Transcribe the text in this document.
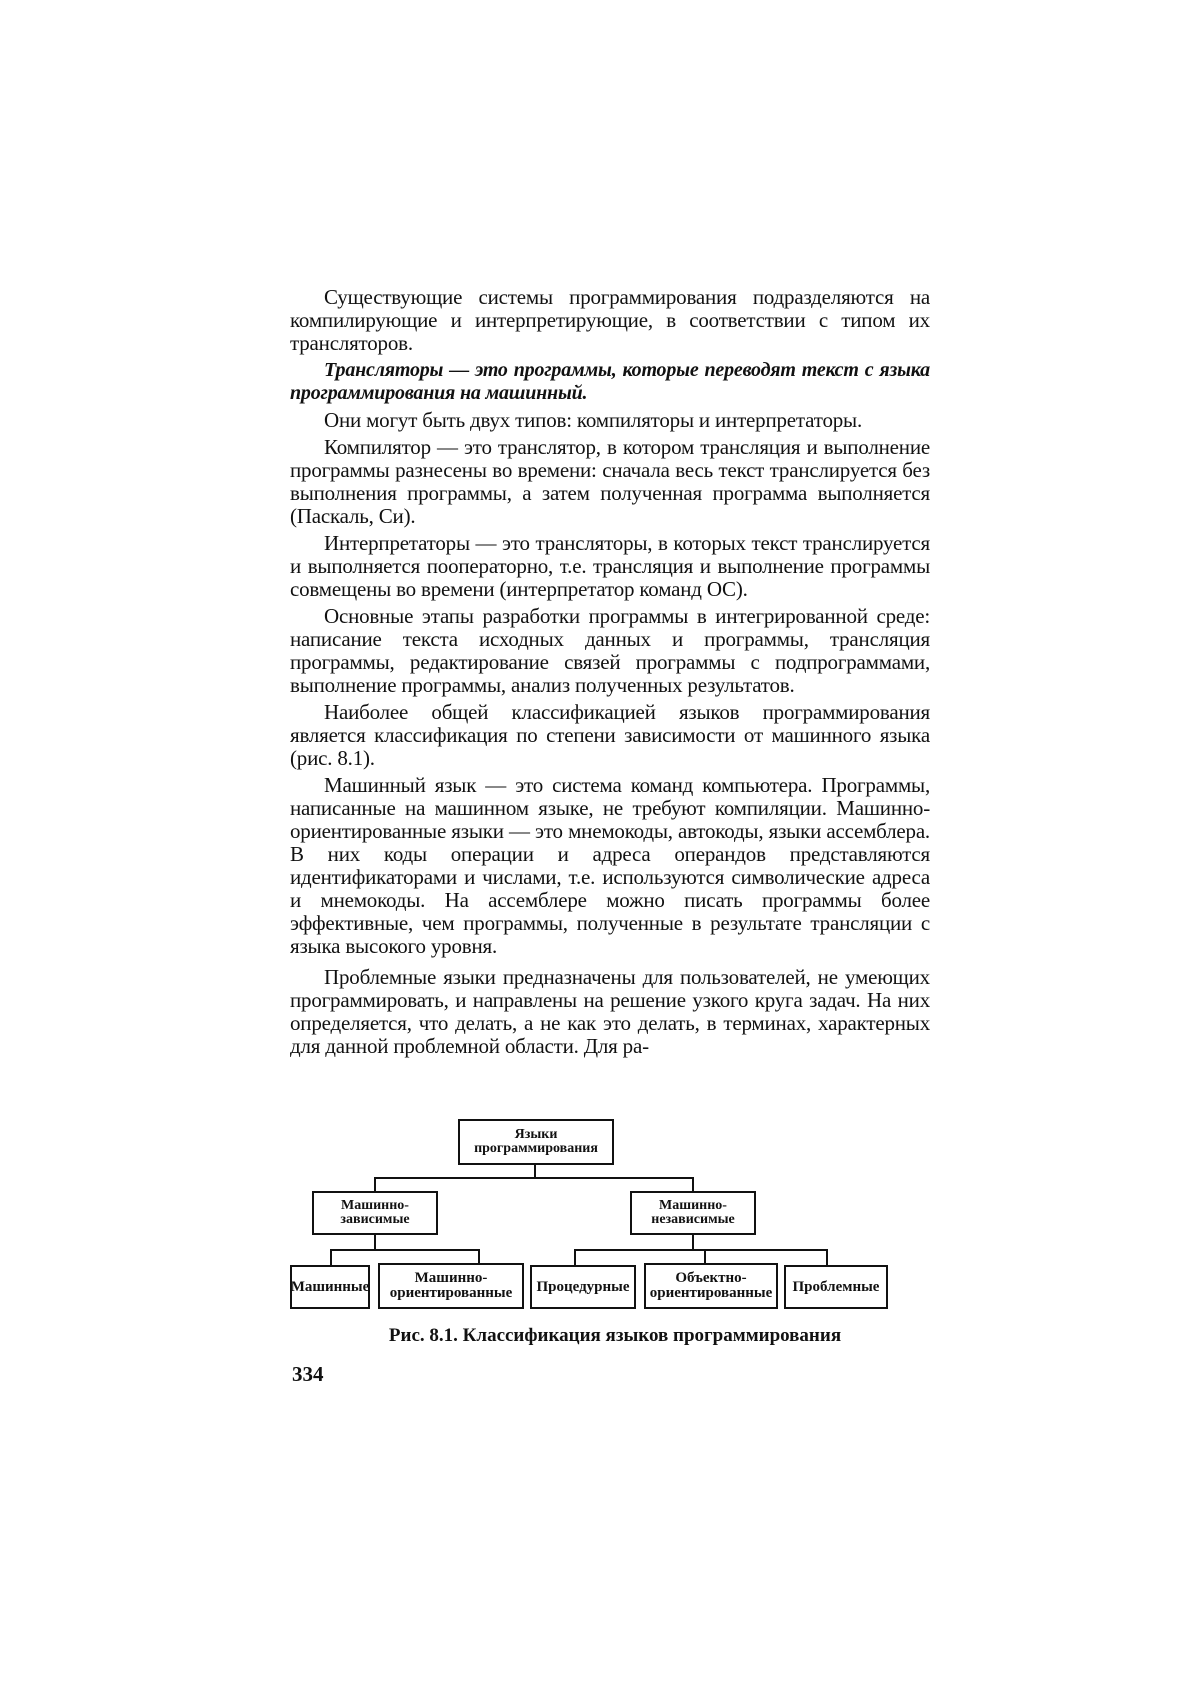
Существующие системы программирования подразделяются на компилирующие и интерпретирующие, в соответствии с типом их трансляторов.

Трансляторы — это программы, которые переводят текст с языка программирования на машинный.

Они могут быть двух типов: компиляторы и интерпретаторы.

Компилятор — это транслятор, в котором трансляция и выполнение программы разнесены во времени: сначала весь текст транслируется без выполнения программы, а затем полученная программа выполняется (Паскаль, Си).

Интерпретаторы — это трансляторы, в которых текст транслируется и выполняется пооператорно, т.е. трансляция и выполнение программы совмещены во времени (интерпретатор команд ОС).

Основные этапы разработки программы в интегрированной среде: написание текста исходных данных и программы, трансляция программы, редактирование связей программы с подпрограммами, выполнение программы, анализ полученных результатов.

Наиболее общей классификацией языков программирования является классификация по степени зависимости от машинного языка (рис. 8.1).

Машинный язык — это система команд компьютера. Программы, написанные на машинном языке, не требуют компиляции. Машинно-ориентированные языки — это мнемокоды, автокоды, языки ассемблера. В них коды операции и адреса операндов представляются идентификаторами и числами, т.е. используются символические адреса и мнемокоды. На ассемблере можно писать программы более эффективные, чем программы, полученные в результате трансляции с языка высокого уровня.

Проблемные языки предназначены для пользователей, не умеющих программировать, и направлены на решение узкого круга задач. На них определяется, что делать, а не как это делать, в терминах, характерных для данной проблемной области. Для ра-

Языки программирования
Машинно-зависимые
Машинно-независимые
Машинные
Машинно-ориентированные	Процедурные
Объектно-ориентированные	Проблемные
Рис. 8.1. Классификация языков программирования
334
